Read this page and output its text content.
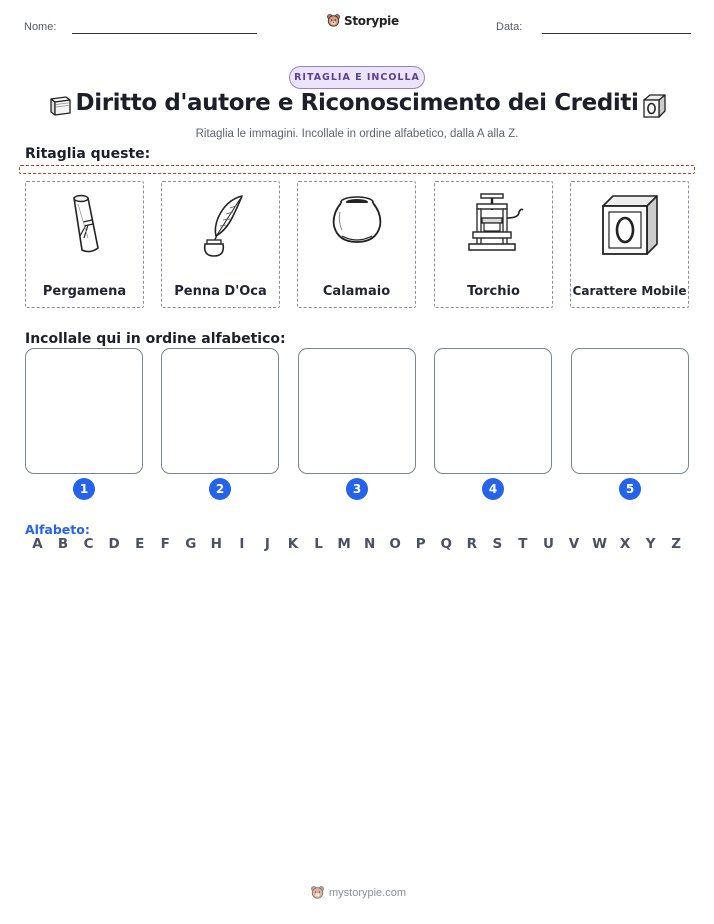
Nome:	Storypie	Data:
RITAGLIA E INCOLLA
Diritto d'autore e Riconoscimento dei Crediti
Ritaglia le immagini. Incollale in ordine alfabetico, dalla A alla Z.
Ritaglia queste:
Pergamena	Penna D'Oca	Calamaio	Torchio	Carattere Mobile
Incollale qui in ordine alfabetico:
1	2	3	4	5
Alfabeto:
A	B	C	D	E	F	G	H	I	J	K	L	M N	O	P	Q	R	S	T	U	V W X	Y	Z
mystorypie.com
